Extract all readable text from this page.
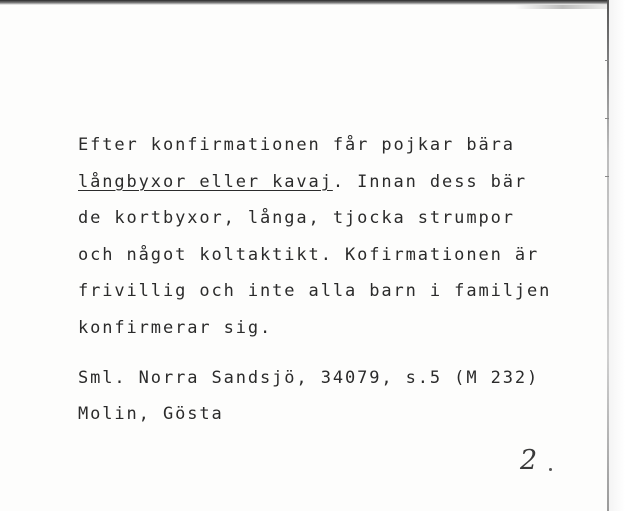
Efter konfirmationen får pojkar bära
långbyxor eller kavaj. Innan dess bär
de kortbyxor, långa, tjocka strumpor
och något koltaktikt. Kofirmationen är
frivillig och inte alla barn i familjen
konfirmerar sig.
Sml. Norra Sandsjö, 34079, s.5 (M 232)
Molin, Gösta
2
